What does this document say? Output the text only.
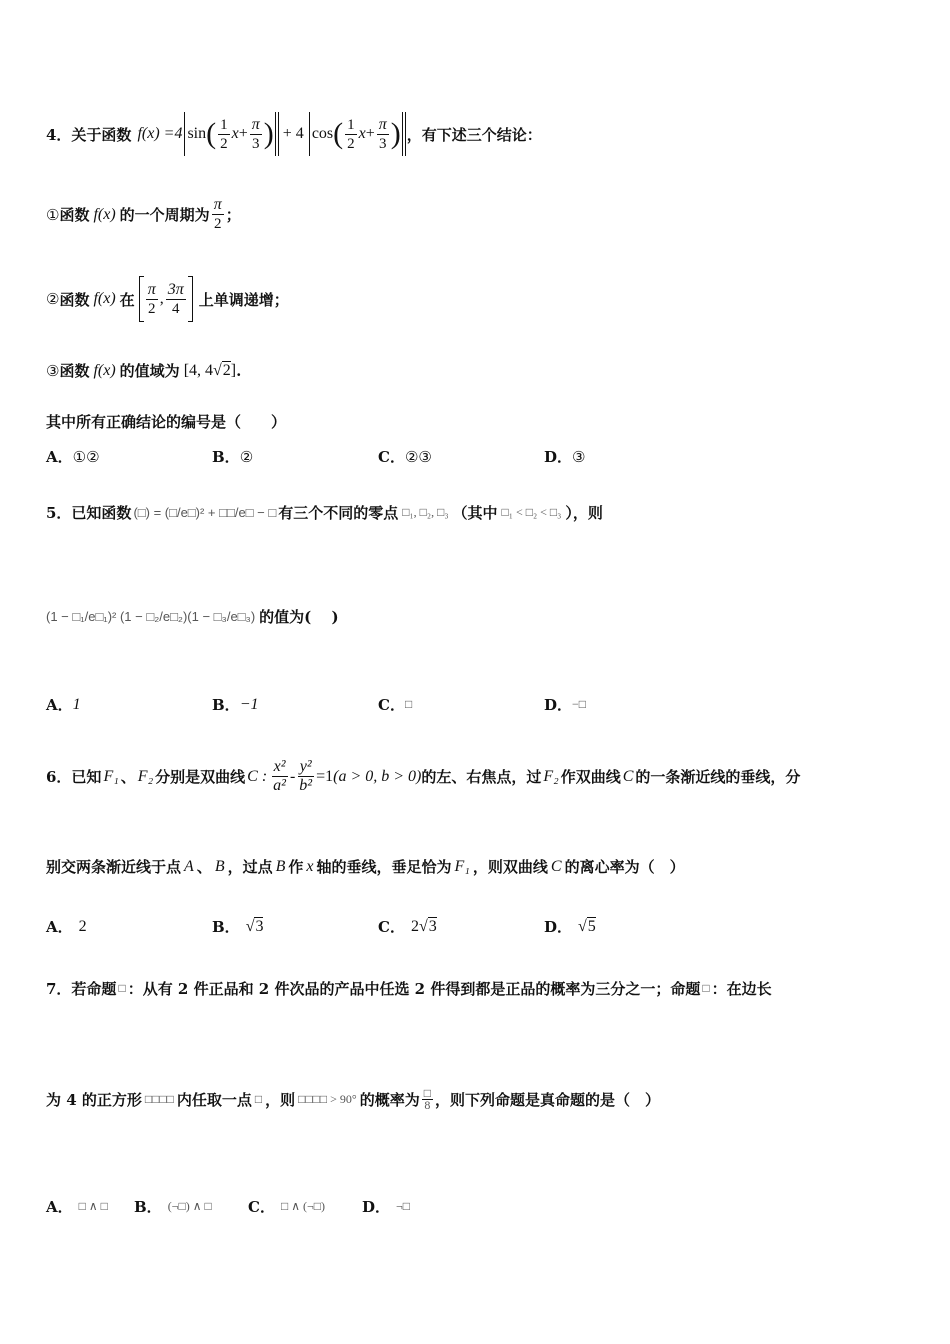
4．关于函数 f(x) =4 sin ( $\frac{1}{2}$ $x + \frac{\pi}{3}$ ) + 4 cos ( $\frac{1}{2}$ $x + \frac{\pi}{3}$ ) ，有下述三个结论：
① 函数 f(x) 的一个周期为 $\frac{\pi}{2}$ ；
② 函数 f(x) 在 $\frac{\pi}{2}$ , $\frac{3\pi}{4}$ 上单调递增；
③ 函数 f(x) 的值域为 [4, 4 √ 2 ] .
其中所有正确结论的编号是（　　）
A． ①②	B． ②	C． ②③	D． ③
5．已知函数 (□) = (□/e□)² + □□/e□ − □ 有三个不同的零点 □₁, □₂, □₃ （其中 □₁ < □₂ < □₃ ），则
(1 − □₁/e□₁)² (1 − □₂/e□₂)(1 − □₃/e□₃) 的值为(　 )
A． 1	B． −1	C． □	D． −□
6．已知 F₁ 、 F₂ 分别是双曲线 C : $\frac{\text{x²}}{\text{a²}} - \frac{\text{y²}}{\text{b²}} =1$ (a > 0, b > 0) 的左、右焦点，过 F₂ 作双曲线 C 的一条渐近线的垂线，分
别交两条渐近线于点 A 、 B ，过点 B 作 x 轴的垂线，垂足恰为 F₁ ，则双曲线 C 的离心率为（　）
A． 2	B． √ 3	C． 2 √ 3	D． √ 5
7．若命题 □ ：从有 2 件正品和 2 件次品的产品中任选 2 件得到都是正品的概率为三分之一；命题 □ ：在边长
为 4 的正方形 □□□□ 内任取一点 □ ，则 □□□□ > 90° 的概率为 $\frac{□}{8}$ ，则下列命题是真命题的是（　）
A． □ ∧ □ B． (¬□) ∧ □ C． □ ∧ (¬□) D． ¬□
